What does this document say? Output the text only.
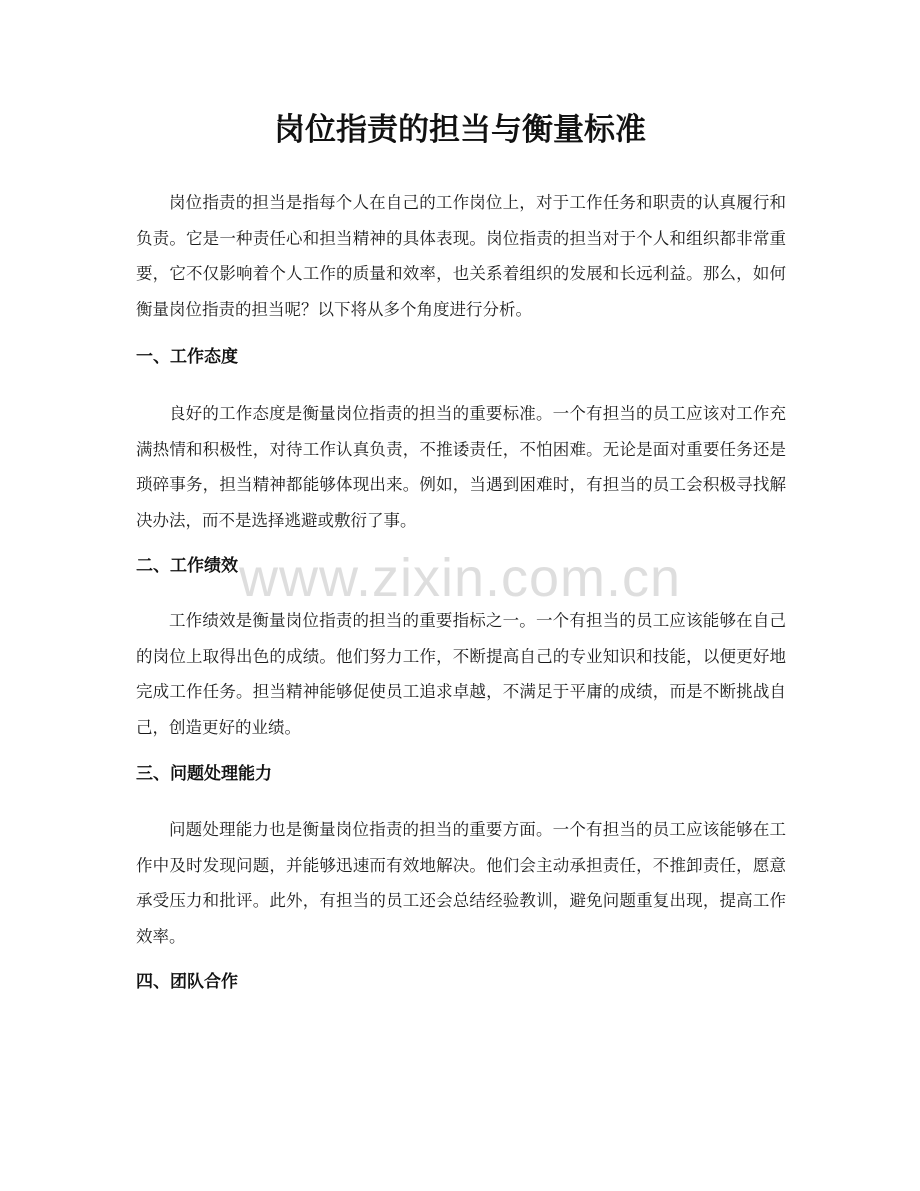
岗位指责的担当与衡量标准

岗位指责的担当是指每个人在自己的工作岗位上，对于工作任务和职责的认真履行和负责。它是一种责任心和担当精神的具体表现。岗位指责的担当对于个人和组织都非常重要，它不仅影响着个人工作的质量和效率，也关系着组织的发展和长远利益。那么，如何衡量岗位指责的担当呢？以下将从多个角度进行分析。

一、工作态度

良好的工作态度是衡量岗位指责的担当的重要标准。一个有担当的员工应该对工作充满热情和积极性，对待工作认真负责，不推诿责任，不怕困难。无论是面对重要任务还是琐碎事务，担当精神都能够体现出来。例如，当遇到困难时，有担当的员工会积极寻找解决办法，而不是选择逃避或敷衍了事。

二、工作绩效

工作绩效是衡量岗位指责的担当的重要指标之一。一个有担当的员工应该能够在自己的岗位上取得出色的成绩。他们努力工作，不断提高自己的专业知识和技能，以便更好地完成工作任务。担当精神能够促使员工追求卓越，不满足于平庸的成绩，而是不断挑战自己，创造更好的业绩。

三、问题处理能力

问题处理能力也是衡量岗位指责的担当的重要方面。一个有担当的员工应该能够在工作中及时发现问题，并能够迅速而有效地解决。他们会主动承担责任，不推卸责任，愿意承受压力和批评。此外，有担当的员工还会总结经验教训，避免问题重复出现，提高工作效率。

四、团队合作
www.zixin.com.cn
